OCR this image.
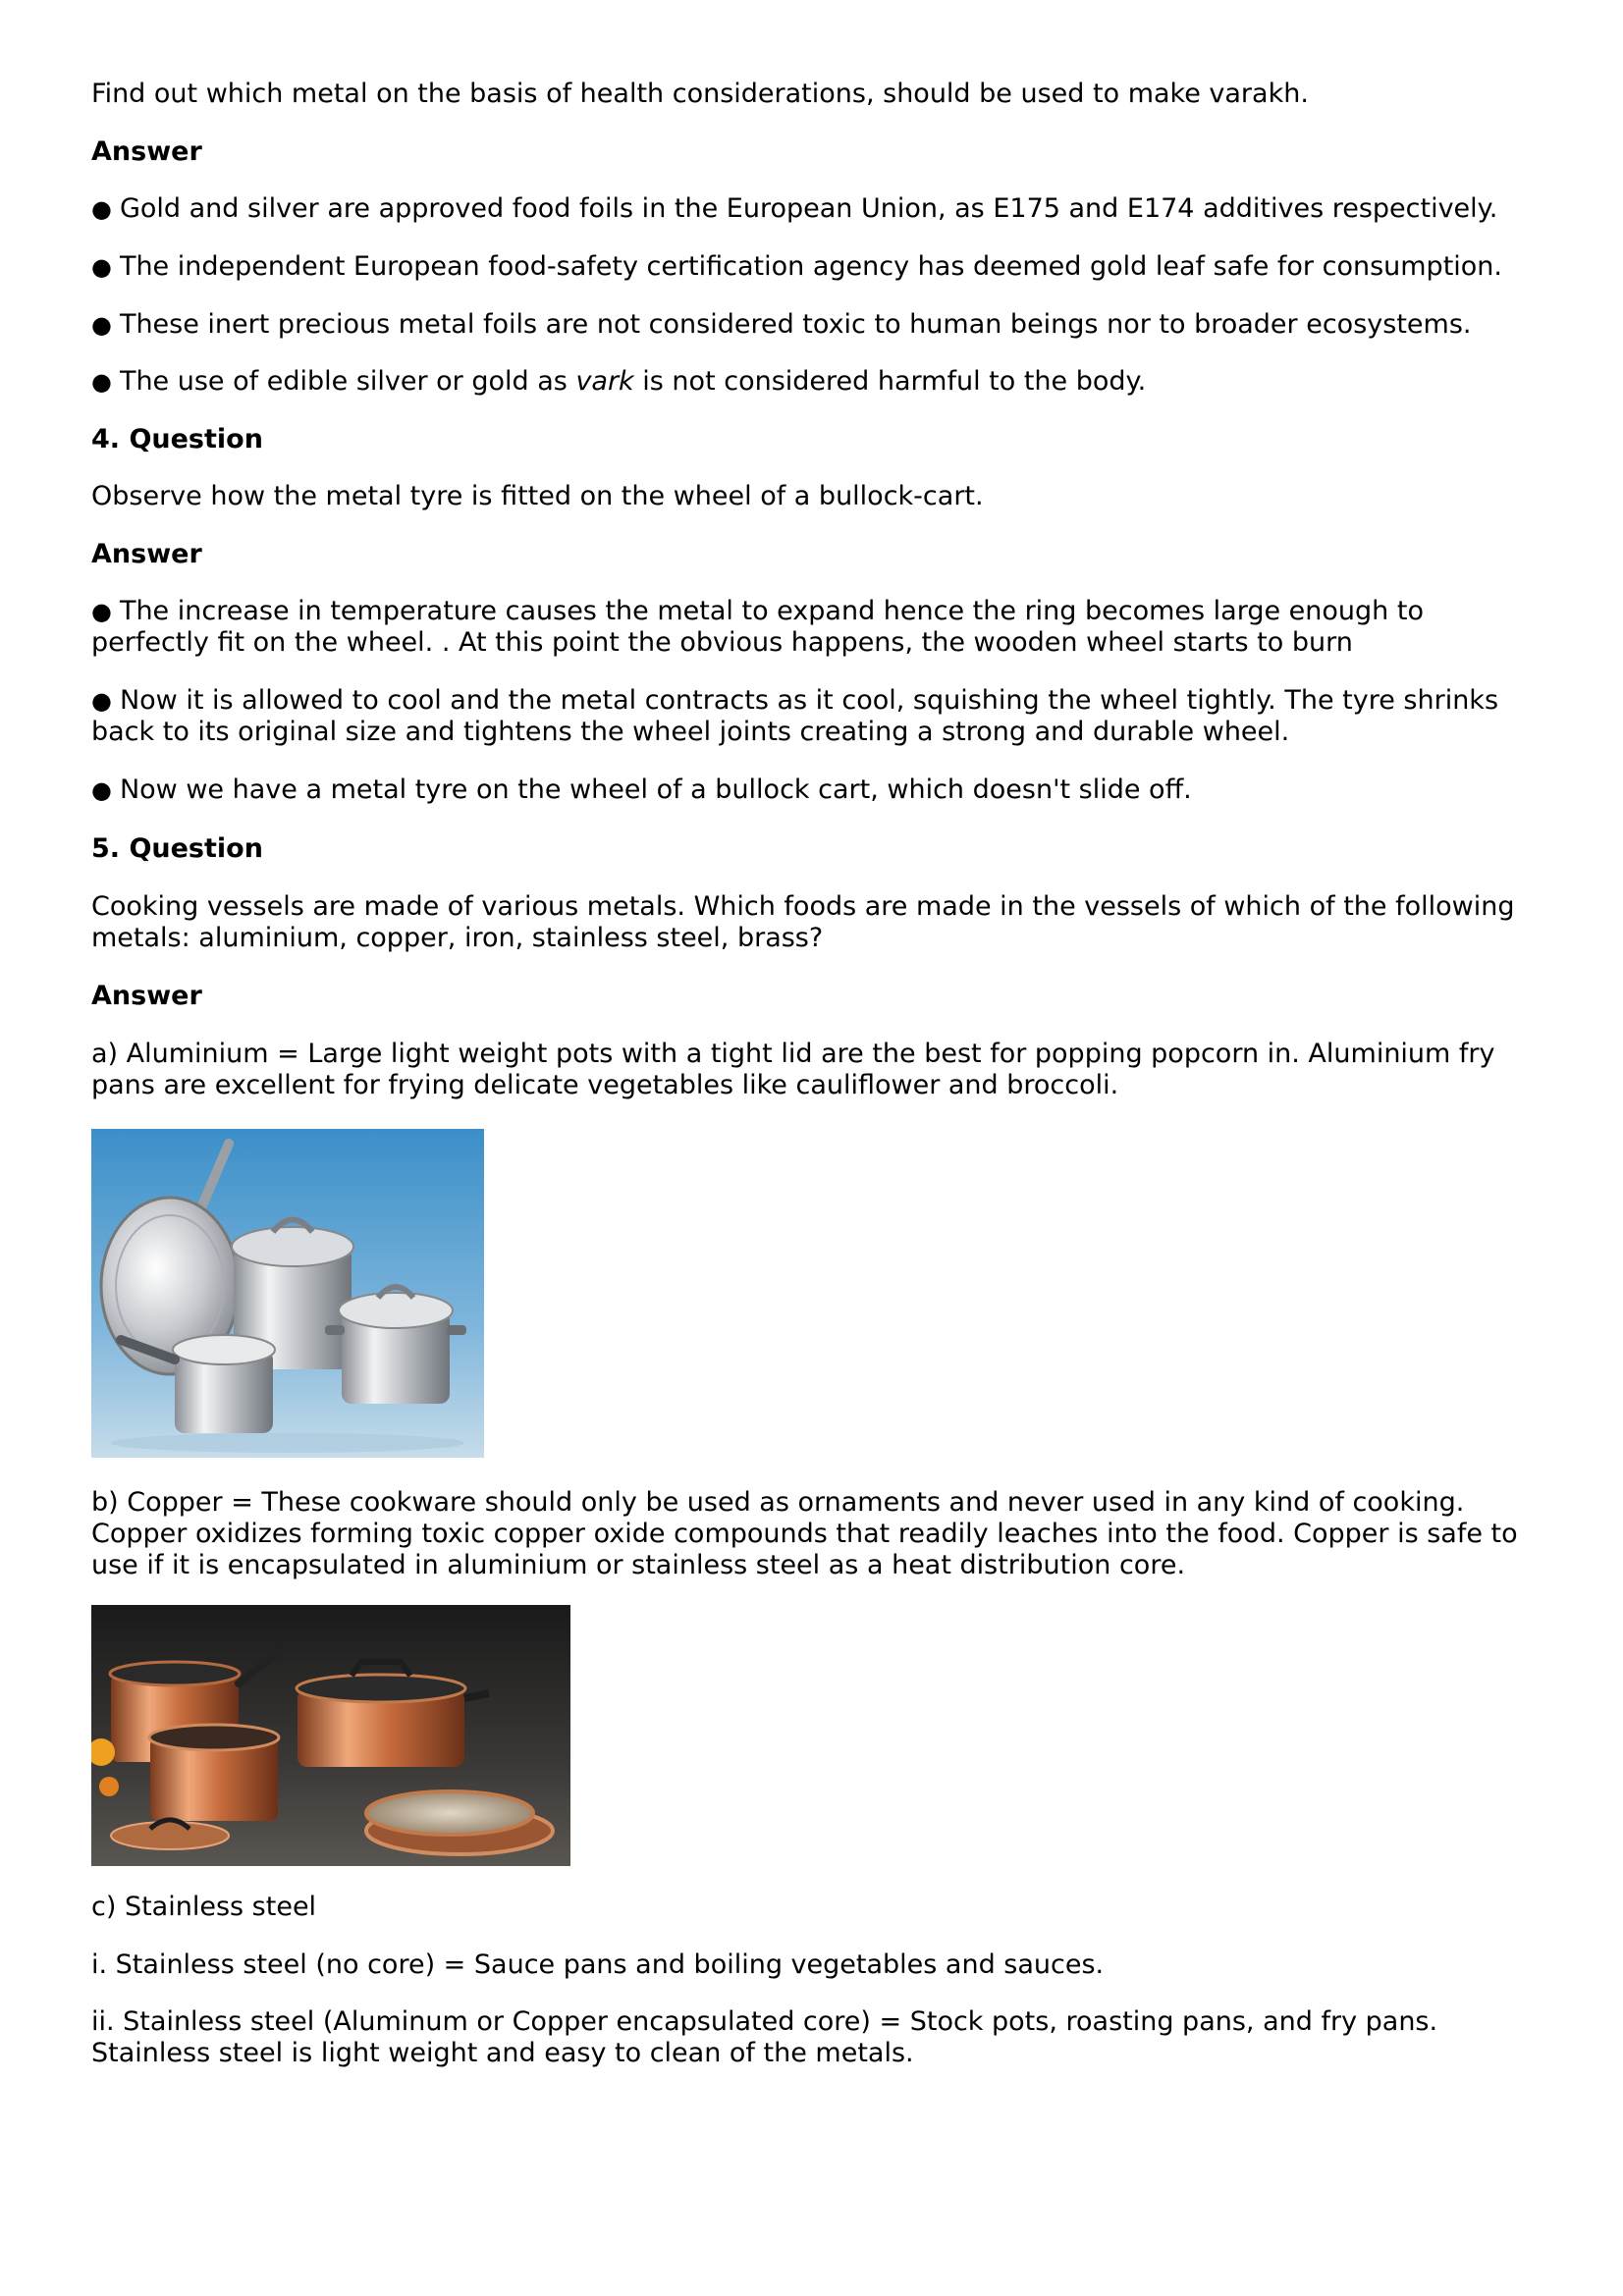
Find out which metal on the basis of health considerations, should be used to make varakh.
Answer
● Gold and silver are approved food foils in the European Union, as E175 and E174 additives respectively.
● The independent European food-safety certification agency has deemed gold leaf safe for consumption.
● These inert precious metal foils are not considered toxic to human beings nor to broader ecosystems.
● The use of edible silver or gold as vark is not considered harmful to the body.
4. Question
Observe how the metal tyre is fitted on the wheel of a bullock-cart.
Answer
● The increase in temperature causes the metal to expand hence the ring becomes large enough to perfectly fit on the wheel. . At this point the obvious happens, the wooden wheel starts to burn
● Now it is allowed to cool and the metal contracts as it cool, squishing the wheel tightly. The tyre shrinks back to its original size and tightens the wheel joints creating a strong and durable wheel.
● Now we have a metal tyre on the wheel of a bullock cart, which doesn't slide off.
5. Question
Cooking vessels are made of various metals. Which foods are made in the vessels of which of the following metals: aluminium, copper, iron, stainless steel, brass?
Answer
a) Aluminium = Large light weight pots with a tight lid are the best for popping popcorn in. Aluminium fry pans are excellent for frying delicate vegetables like cauliflower and broccoli.
b) Copper = These cookware should only be used as ornaments and never used in any kind of cooking. Copper oxidizes forming toxic copper oxide compounds that readily leaches into the food. Copper is safe to use if it is encapsulated in aluminium or stainless steel as a heat distribution core.
c) Stainless steel
i. Stainless steel (no core) = Sauce pans and boiling vegetables and sauces.
ii. Stainless steel (Aluminum or Copper encapsulated core) = Stock pots, roasting pans, and fry pans. Stainless steel is light weight and easy to clean of the metals.
